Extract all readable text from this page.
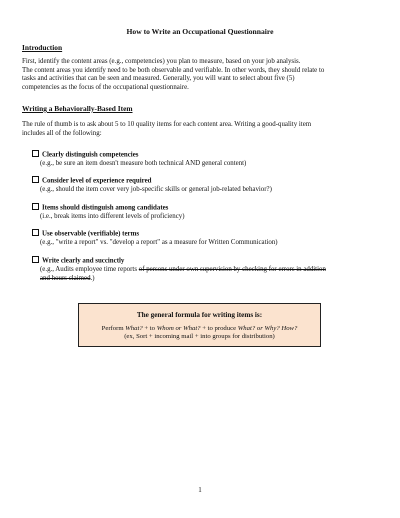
How to Write an Occupational Questionnaire
Introduction
First, identify the content areas (e.g., competencies) you plan to measure, based on your job analysis.
The content areas you identify need to be both observable and verifiable. In other words, they should relate to
tasks and activities that can be seen and measured. Generally, you will want to select about five (5)
competencies as the focus of the occupational questionnaire.
Writing a Behaviorally-Based Item
The rule of thumb is to ask about 5 to 10 quality items for each content area. Writing a good-quality item
includes all of the following:
Clearly distinguish competencies
(e.g., be sure an item doesn't measure both technical AND general content)
Consider level of experience required
(e.g., should the item cover very job-specific skills or general job-related behavior?)
Items should distinguish among candidates
(i.e., break items into different levels of proficiency)
Use observable (verifiable) terms
(e.g., "write a report" vs. "develop a report" as a measure for Written Communication)
Write clearly and succinctly
(e.g., Audits employee time reports of persons under own supervision by checking for errors in addition
and hours claimed.)
The general formula for writing items is:
Perform What? + to Whom or What? + to produce What? or Why? How?
(ex, Sort + incoming mail + into groups for distribution)
1
